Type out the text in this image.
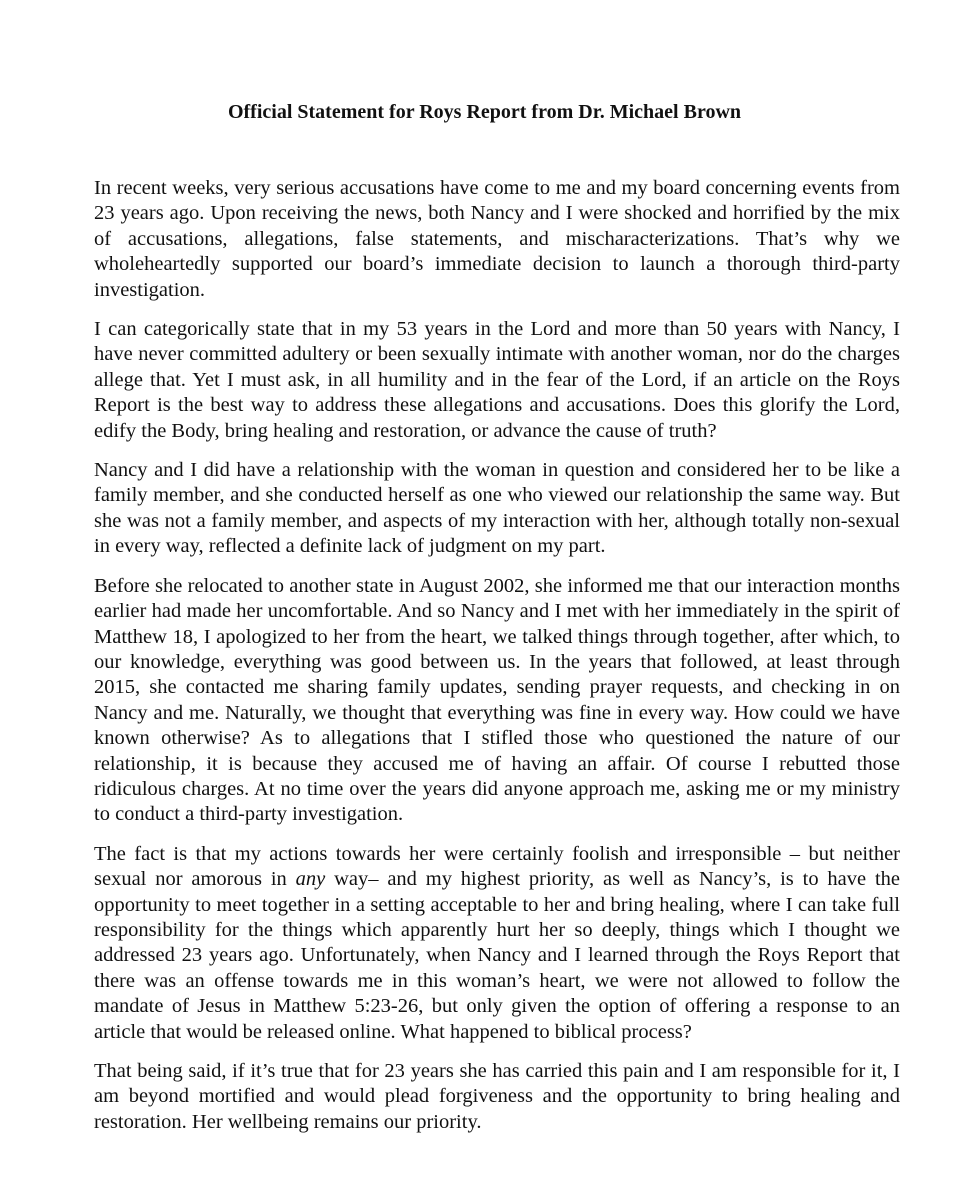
Official Statement for Roys Report from Dr. Michael Brown

In recent weeks, very serious accusations have come to me and my board concerning events from 23 years ago. Upon receiving the news, both Nancy and I were shocked and horrified by the mix of accusations, allegations, false statements, and mischaracterizations. That’s why we wholeheartedly supported our board’s immediate decision to launch a thorough third-party investigation.

I can categorically state that in my 53 years in the Lord and more than 50 years with Nancy, I have never committed adultery or been sexually intimate with another woman, nor do the charges allege that. Yet I must ask, in all humility and in the fear of the Lord, if an article on the Roys Report is the best way to address these allegations and accusations. Does this glorify the Lord, edify the Body, bring healing and restoration, or advance the cause of truth?

Nancy and I did have a relationship with the woman in question and considered her to be like a family member, and she conducted herself as one who viewed our relationship the same way. But she was not a family member, and aspects of my interaction with her, although totally non-sexual in every way, reflected a definite lack of judgment on my part.

Before she relocated to another state in August 2002, she informed me that our interaction months earlier had made her uncomfortable. And so Nancy and I met with her immediately in the spirit of Matthew 18, I apologized to her from the heart, we talked things through together, after which, to our knowledge, everything was good between us. In the years that followed, at least through 2015, she contacted me sharing family updates, sending prayer requests, and checking in on Nancy and me. Naturally, we thought that everything was fine in every way. How could we have known otherwise? As to allegations that I stifled those who questioned the nature of our relationship, it is because they accused me of having an affair. Of course I rebutted those ridiculous charges. At no time over the years did anyone approach me, asking me or my ministry to conduct a third-party investigation.

The fact is that my actions towards her were certainly foolish and irresponsible – but neither sexual nor amorous in any way– and my highest priority, as well as Nancy’s, is to have the opportunity to meet together in a setting acceptable to her and bring healing, where I can take full responsibility for the things which apparently hurt her so deeply, things which I thought we addressed 23 years ago. Unfortunately, when Nancy and I learned through the Roys Report that there was an offense towards me in this woman’s heart, we were not allowed to follow the mandate of Jesus in Matthew 5:23-26, but only given the option of offering a response to an article that would be released online. What happened to biblical process?

That being said, if it’s true that for 23 years she has carried this pain and I am responsible for it, I am beyond mortified and would plead forgiveness and the opportunity to bring healing and restoration. Her wellbeing remains our priority.
